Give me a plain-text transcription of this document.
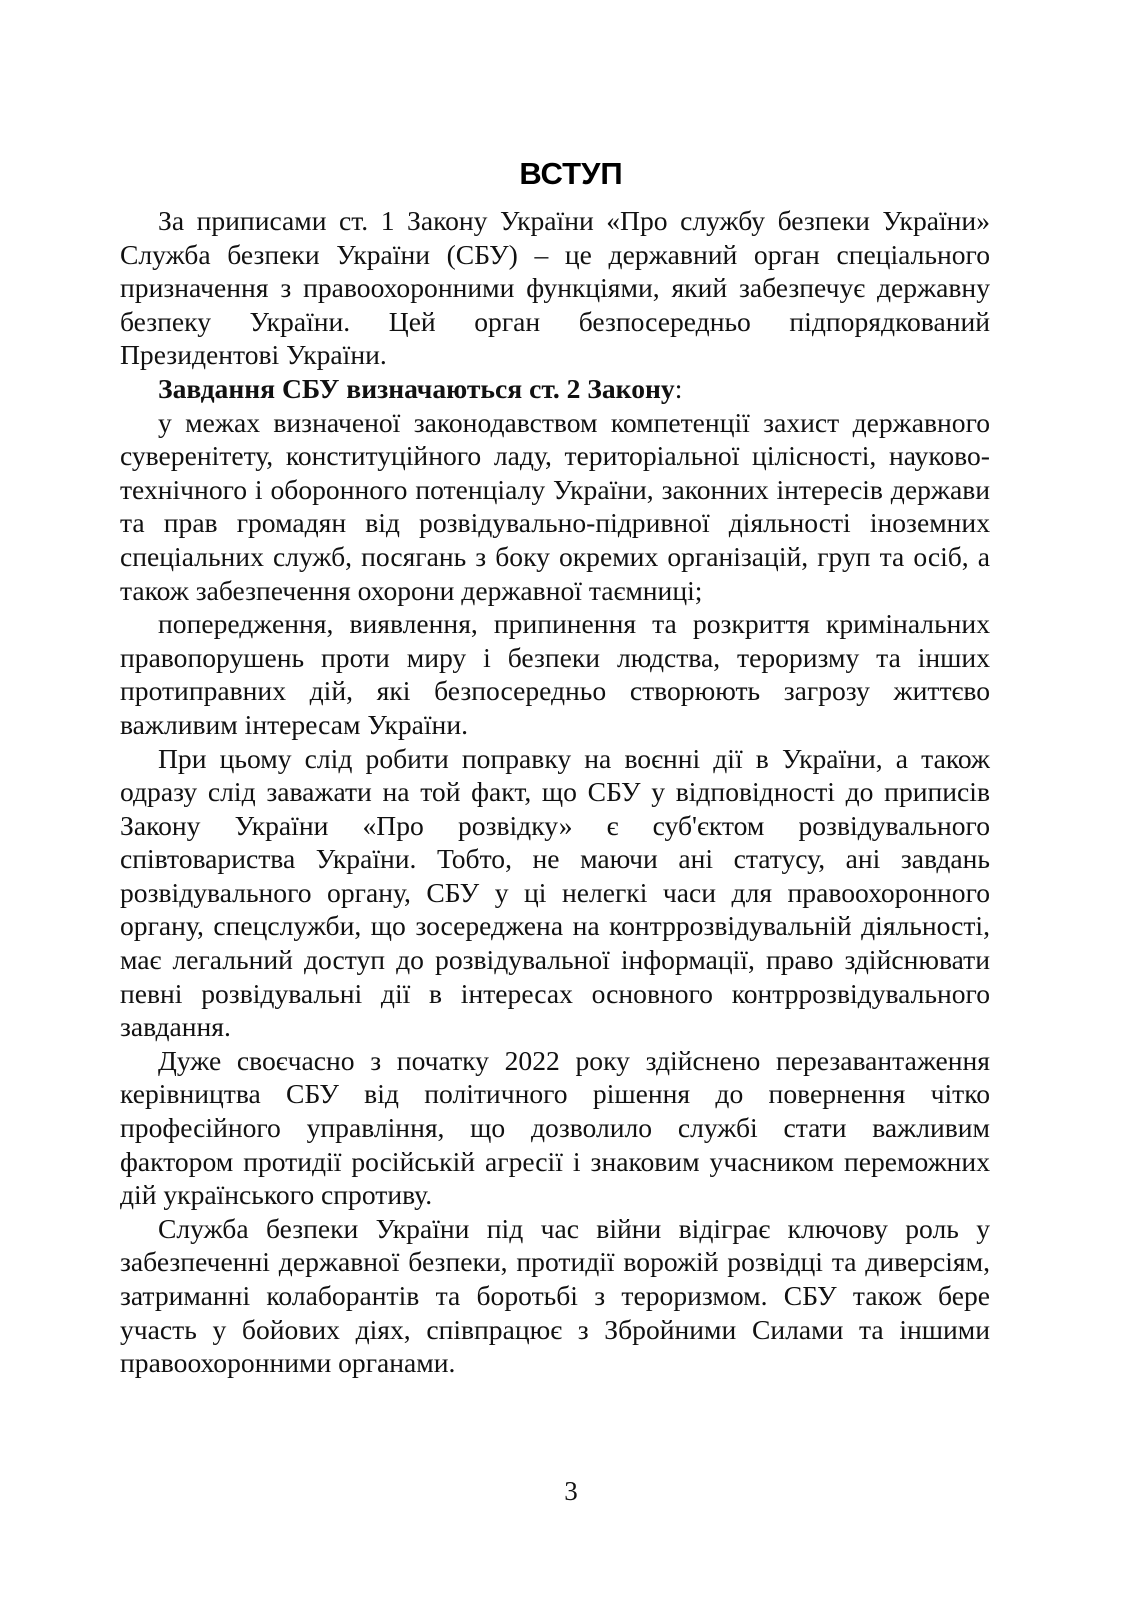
ВСТУП

За приписами ст. 1 Закону України «Про службу безпеки України» Служба безпеки України (СБУ) – це державний орган спеціального призначення з правоохоронними функціями, який забезпечує державну безпеку України. Цей орган безпосередньо підпорядкований Президентові України.

Завдання СБУ визначаються ст. 2 Закону:

у межах визначеної законодавством компетенції захист державного суверенітету, конституційного ладу, територіальної цілісності, науково-технічного і оборонного потенціалу України, законних інтересів держави та прав громадян від розвідувально-підривної діяльності іноземних спеціальних служб, посягань з боку окремих організацій, груп та осіб, а також забезпечення охорони державної таємниці;

попередження, виявлення, припинення та розкриття кримінальних правопорушень проти миру і безпеки людства, тероризму та інших протиправних дій, які безпосередньо створюють загрозу життєво важливим інтересам України.

При цьому слід робити поправку на воєнні дії в України, а також одразу слід заважати на той факт, що СБУ у відповідності до приписів Закону України «Про розвідку» є суб'єктом розвідувального співтовариства України. Тобто, не маючи ані статусу, ані завдань розвідувального органу, СБУ у ці нелегкі часи для правоохоронного органу, спецслужби, що зосереджена на контррозвідувальній діяльності, має легальний доступ до розвідувальної інформації, право здійснювати певні розвідувальні дії в інтересах основного контррозвідувального завдання.

Дуже своєчасно з початку 2022 року здійснено перезавантаження керівництва СБУ від політичного рішення до повернення чітко професійного управління, що дозволило службі стати важливим фактором протидії російській агресії і знаковим учасником переможних дій українського спротиву.

Служба безпеки України під час війни відіграє ключову роль у забезпеченні державної безпеки, протидії ворожій розвідці та диверсіям, затриманні колаборантів та боротьбі з тероризмом. СБУ також бере участь у бойових діях, співпрацює з Збройними Силами та іншими правоохоронними органами.

3
